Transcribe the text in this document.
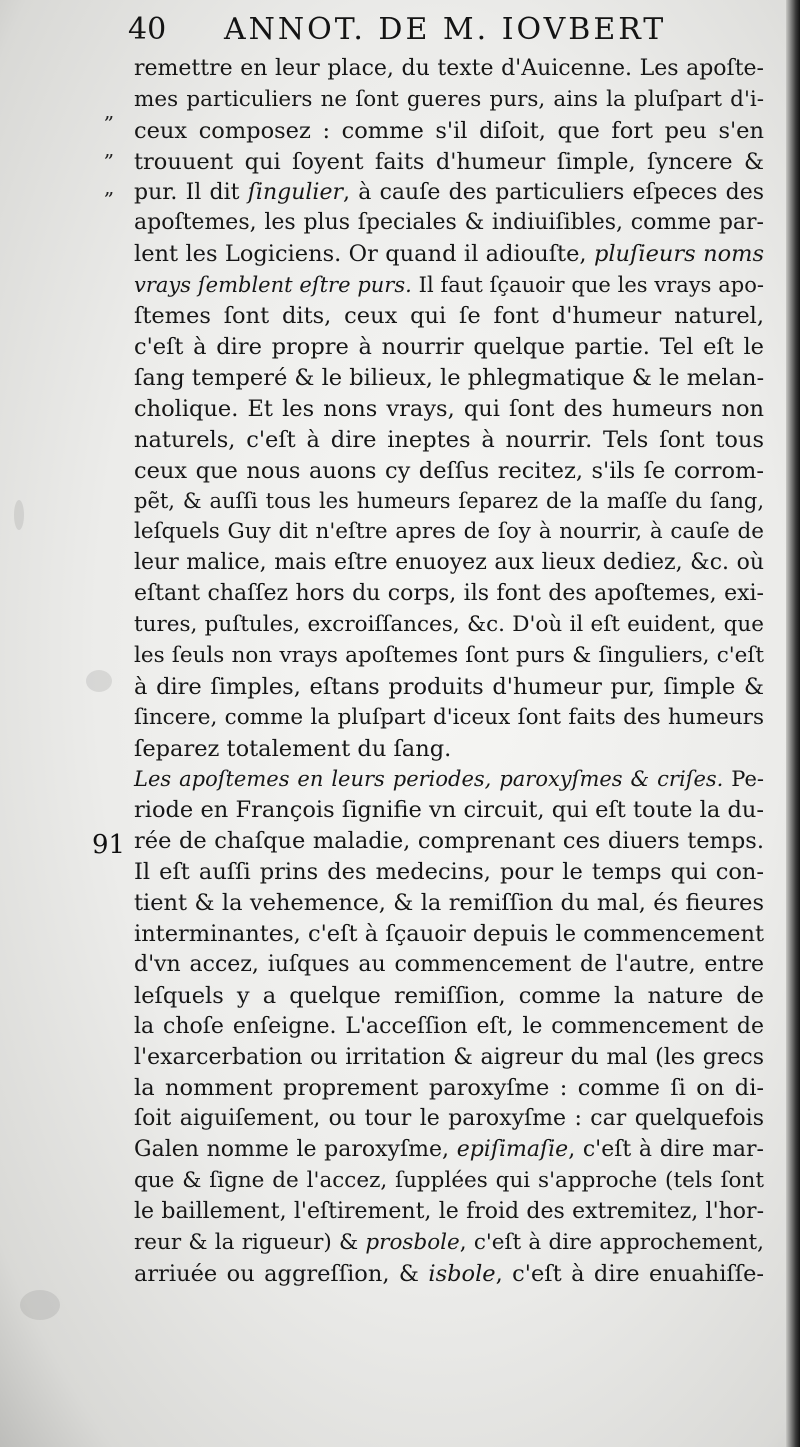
40 ANNOT. DE M. IOVBERT
„
„
„
91
remettre en leur place, du texte d'Auicenne. Les apoſte-
mes particuliers ne ſont gueres purs, ains la pluſpart d'i-
ceux composez : comme s'il diſoit, que fort peu s'en
trouuent qui ſoyent faits d'humeur ſimple, ſyncere &
pur. Il dit ſingulier, à cauſe des particuliers eſpeces des
apoſtemes, les plus ſpeciales & indiuiſibles, comme par-
lent les Logiciens. Or quand il adiouſte, pluſieurs noms
vrays ſemblent eſtre purs. Il faut ſçauoir que les vrays apo-
ſtemes ſont dits, ceux qui ſe font d'humeur naturel,
c'eſt à dire propre à nourrir quelque partie. Tel eſt le
ſang temperé & le bilieux, le phlegmatique & le melan-
cholique. Et les nons vrays, qui ſont des humeurs non
naturels, c'eſt à dire ineptes à nourrir. Tels ſont tous
ceux que nous auons cy deſſus recitez, s'ils ſe corrom-
pẽt, & auſſi tous les humeurs ſeparez de la maſſe du ſang,
leſquels Guy dit n'eſtre apres de ſoy à nourrir, à cauſe de
leur malice, mais eſtre enuoyez aux lieux dediez, &c. où
eſtant chaſſez hors du corps, ils font des apoſtemes, exi-
tures, puſtules, excroiſſances, &c. D'où il eſt euident, que
les ſeuls non vrays apoſtemes ſont purs & ſinguliers, c'eſt
à dire ſimples, eſtans produits d'humeur pur, ſimple &
ſincere, comme la pluſpart d'iceux ſont faits des humeurs
ſeparez totalement du ſang.
Les apoſtemes en leurs periodes, paroxyſmes & criſes. Pe-
riode en François ſignifie vn circuit, qui eſt toute la du-
rée de chaſque maladie, comprenant ces diuers temps.
Il eſt auſſi prins des medecins, pour le temps qui con-
tient & la vehemence, & la remiſſion du mal, és fieures
interminantes, c'eſt à ſçauoir depuis le commencement
d'vn accez, iuſques au commencement de l'autre, entre
leſquels y a quelque remiſſion, comme la nature de
la choſe enſeigne. L'acceſſion eſt, le commencement de
l'exarcerbation ou irritation & aigreur du mal (les grecs
la nomment proprement paroxyſme : comme ſi on di-
ſoit aiguiſement, ou tour le paroxyſme : car quelquefois
Galen nomme le paroxyſme, epiſimaſie, c'eſt à dire mar-
que & ſigne de l'accez, ſupplées qui s'approche (tels ſont
le baillement, l'eſtirement, le froid des extremitez, l'hor-
reur & la rigueur) & prosbole, c'eſt à dire approchement,
arriuée ou aggreſſion, & isbole, c'eſt à dire enuahiſſe-
